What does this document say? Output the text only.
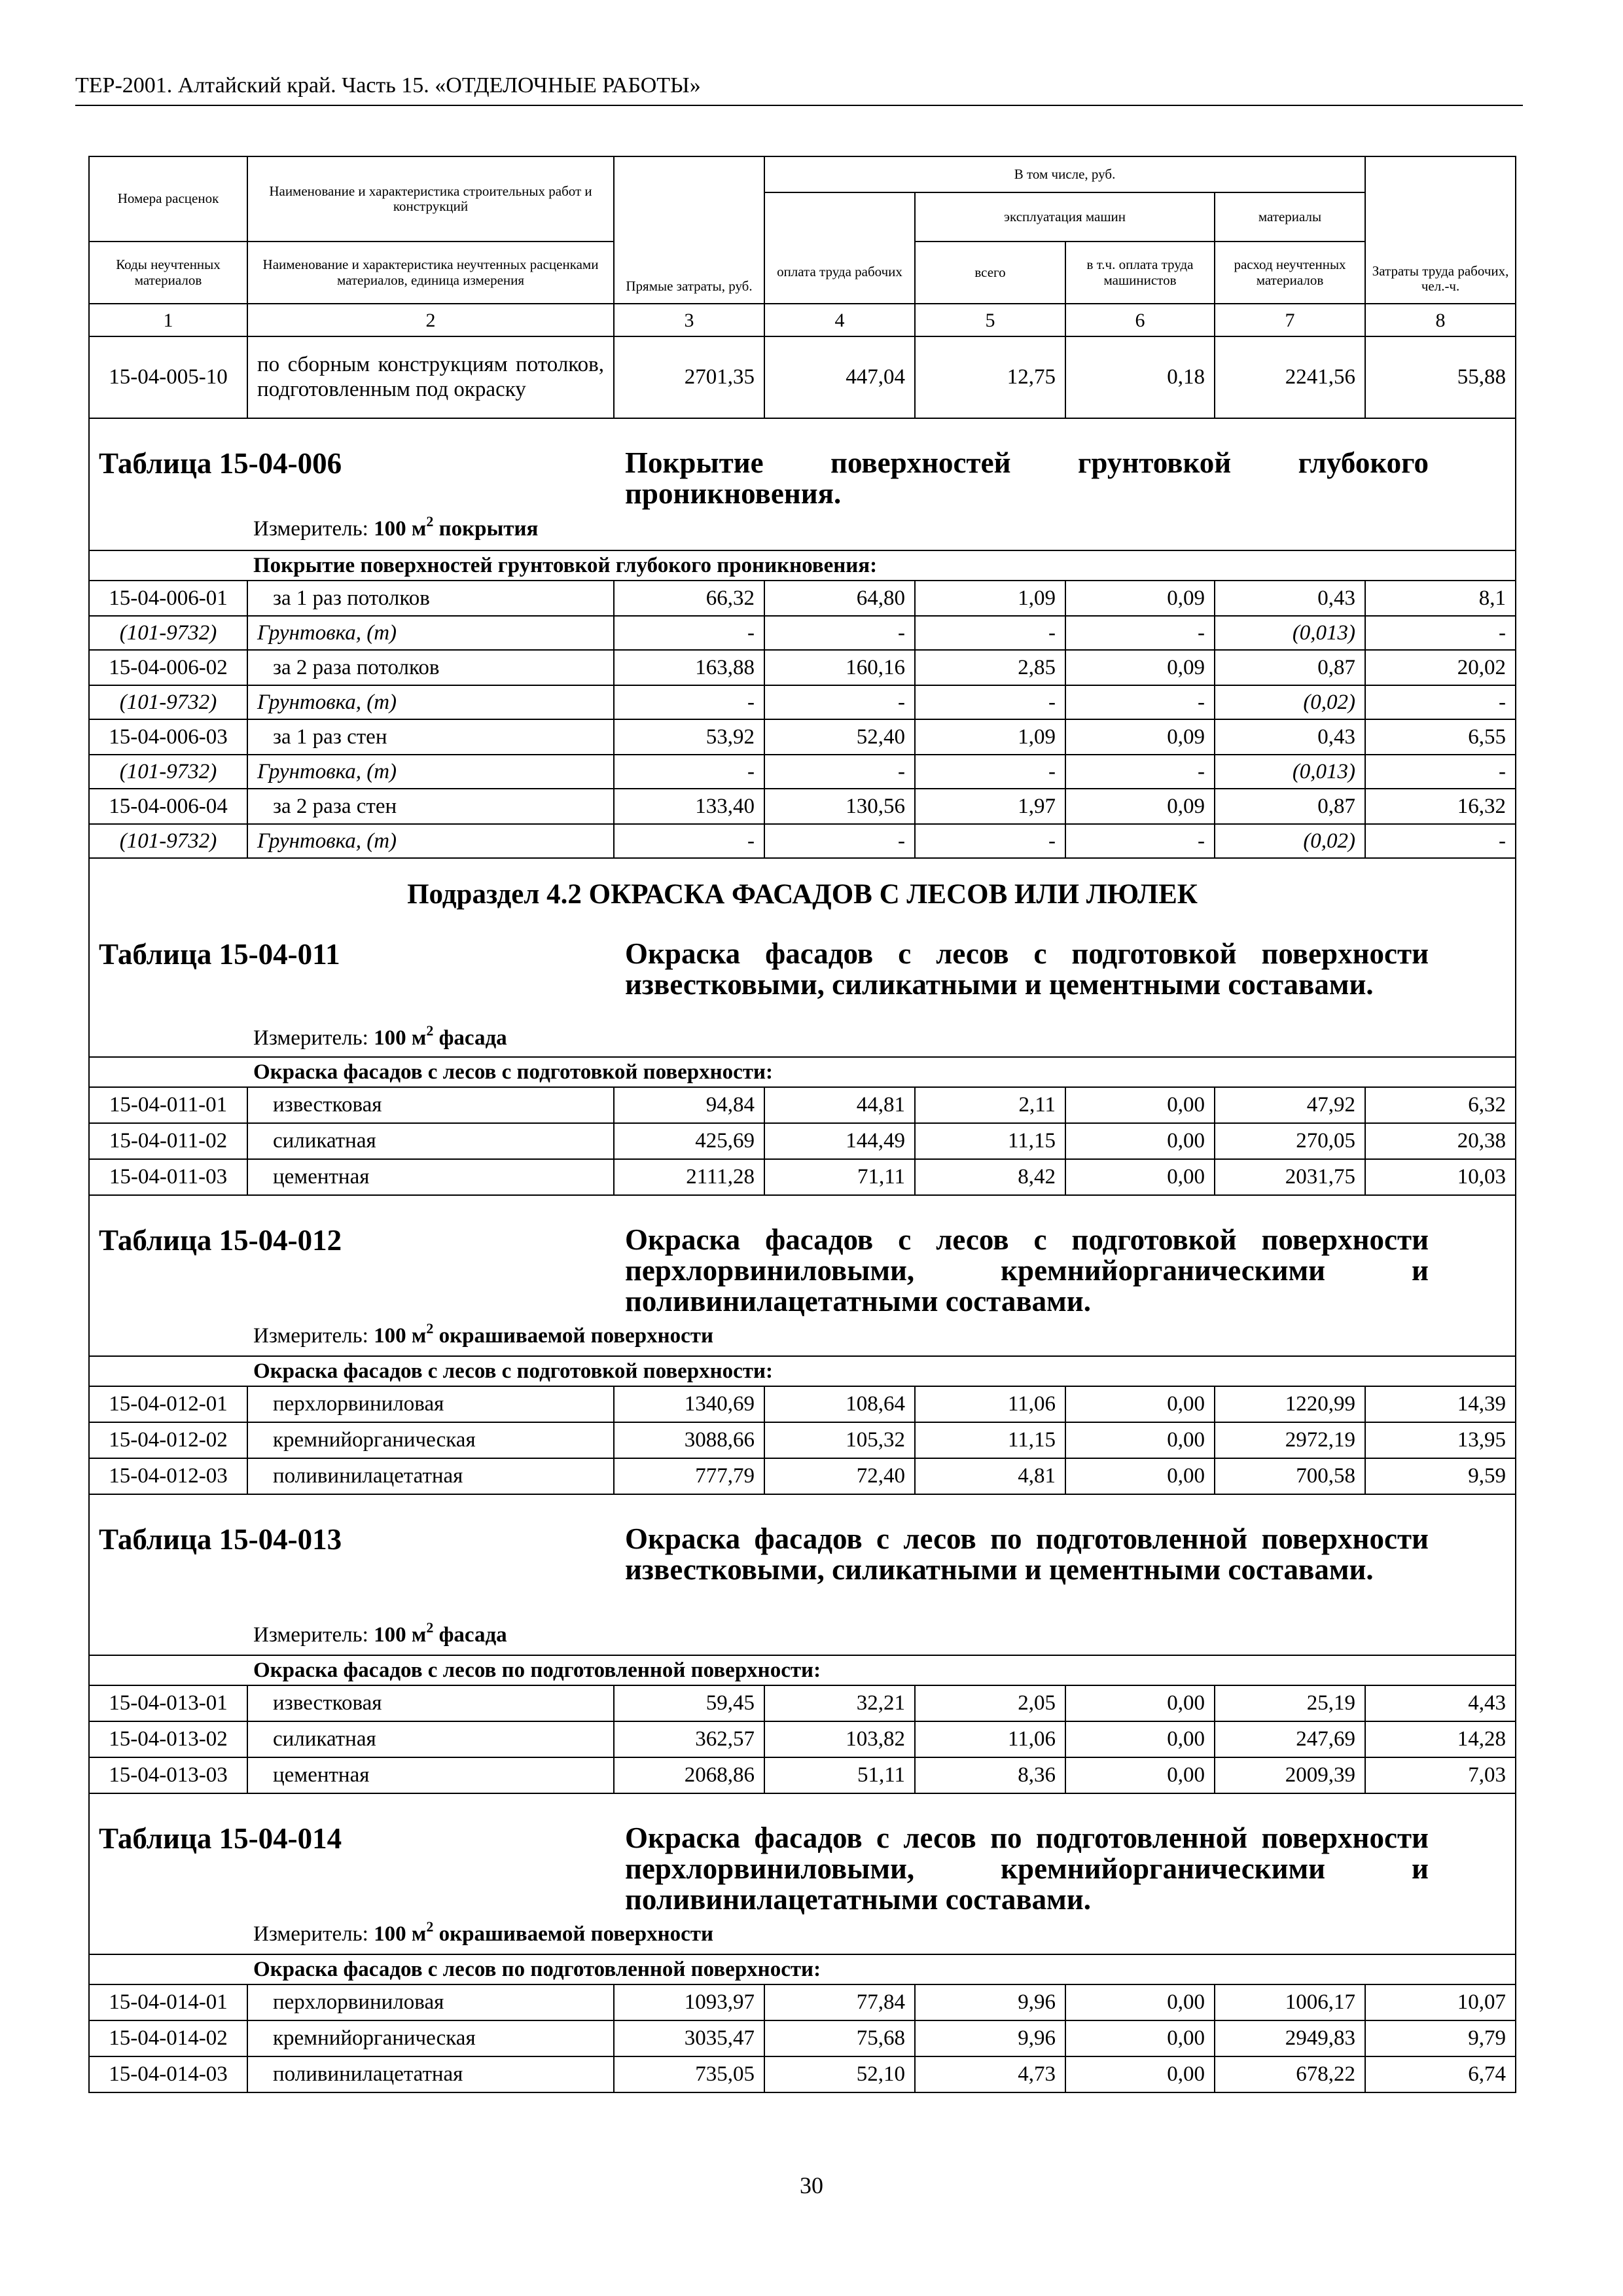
ТЕР-2001. Алтайский край. Часть 15. «ОТДЕЛОЧНЫЕ РАБОТЫ»
Номера расценок	Наименование и характеристика строительных работ и конструкций	Прямые затраты, руб.	В том числе, руб.				Затраты труда рабочих, чел.-ч.
				эксплуатация машин		материалы	
Коды неучтенных материалов	Наименование и характеристика неучтенных расценками материалов, единица измерения		оплата труда рабочих	всего	в т.ч. оплата труда машинистов	расход неучтенных материалов	
1	2	3	4	5	6	7	8
15-04-005-10	по сборным конструкциям потолков, подготовленным под окраску	2701,35	447,04	12,75	0,18	2241,56	55,88

Таблица 15-04-006 Покрытие поверхностей грунтовкой глубокого проникновения.
Измеритель: 100 $м^2$ покрытия							

Покрытие поверхностей грунтовкой глубокого проникновения:							
15-04-006-01	за 1 раз потолков	66,32	64,80	1,09	0,09	0,43	8,1
(101-9732)	Грунтовка, (т)	-	-	-	-	(0,013)	-
15-04-006-02	за 2 раза потолков	163,88	160,16	2,85	0,09	0,87	20,02
(101-9732)	Грунтовка, (т)	-	-	-	-	(0,02)	-
15-04-006-03	за 1 раз стен	53,92	52,40	1,09	0,09	0,43	6,55
(101-9732)	Грунтовка, (т)	-	-	-	-	(0,013)	-
15-04-006-04	за 2 раза стен	133,40	130,56	1,97	0,09	0,87	16,32
(101-9732)	Грунтовка, (т)	-	-	-	-	(0,02)	-
Подраздел 4.2 ОКРАСКА ФАСАДОВ С ЛЕСОВ ИЛИ ЛЮЛЕК							

Таблица 15-04-011 Окраска фасадов с лесов с подготовкой поверхности известковыми, силикатными и цементными составами.
Измеритель: 100 $м^2$ фасада							

Окраска фасадов с лесов с подготовкой поверхности:							
15-04-011-01	известковая	94,84	44,81	2,11	0,00	47,92	6,32
15-04-011-02	силикатная	425,69	144,49	11,15	0,00	270,05	20,38
15-04-011-03	цементная	2111,28	71,11	8,42	0,00	2031,75	10,03

Таблица 15-04-012 Окраска фасадов с лесов с подготовкой поверхности перхлорвиниловыми, кремнийорганическими и поливинилацетатными составами.
Измеритель: 100 $м^2$ окрашиваемой поверхности							

Окраска фасадов с лесов с подготовкой поверхности:							
15-04-012-01	перхлорвиниловая	1340,69	108,64	11,06	0,00	1220,99	14,39
15-04-012-02	кремнийорганическая	3088,66	105,32	11,15	0,00	2972,19	13,95
15-04-012-03	поливинилацетатная	777,79	72,40	4,81	0,00	700,58	9,59

Таблица 15-04-013 Окраска фасадов с лесов по подготовленной поверхности известковыми, силикатными и цементными составами.
Измеритель: 100 $м^2$ фасада							

Окраска фасадов с лесов по подготовленной поверхности:							
15-04-013-01	известковая	59,45	32,21	2,05	0,00	25,19	4,43
15-04-013-02	силикатная	362,57	103,82	11,06	0,00	247,69	14,28
15-04-013-03	цементная	2068,86	51,11	8,36	0,00	2009,39	7,03

Таблица 15-04-014 Окраска фасадов с лесов по подготовленной поверхности перхлорвиниловыми, кремнийорганическими и поливинилацетатными составами.
Измеритель: 100 $м^2$ окрашиваемой поверхности							

Окраска фасадов с лесов по подготовленной поверхности:							
15-04-014-01	перхлорвиниловая	1093,97	77,84	9,96	0,00	1006,17	10,07
15-04-014-02	кремнийорганическая	3035,47	75,68	9,96	0,00	2949,83	9,79
15-04-014-03	поливинилацетатная	735,05	52,10	4,73	0,00	678,22	6,74
30
